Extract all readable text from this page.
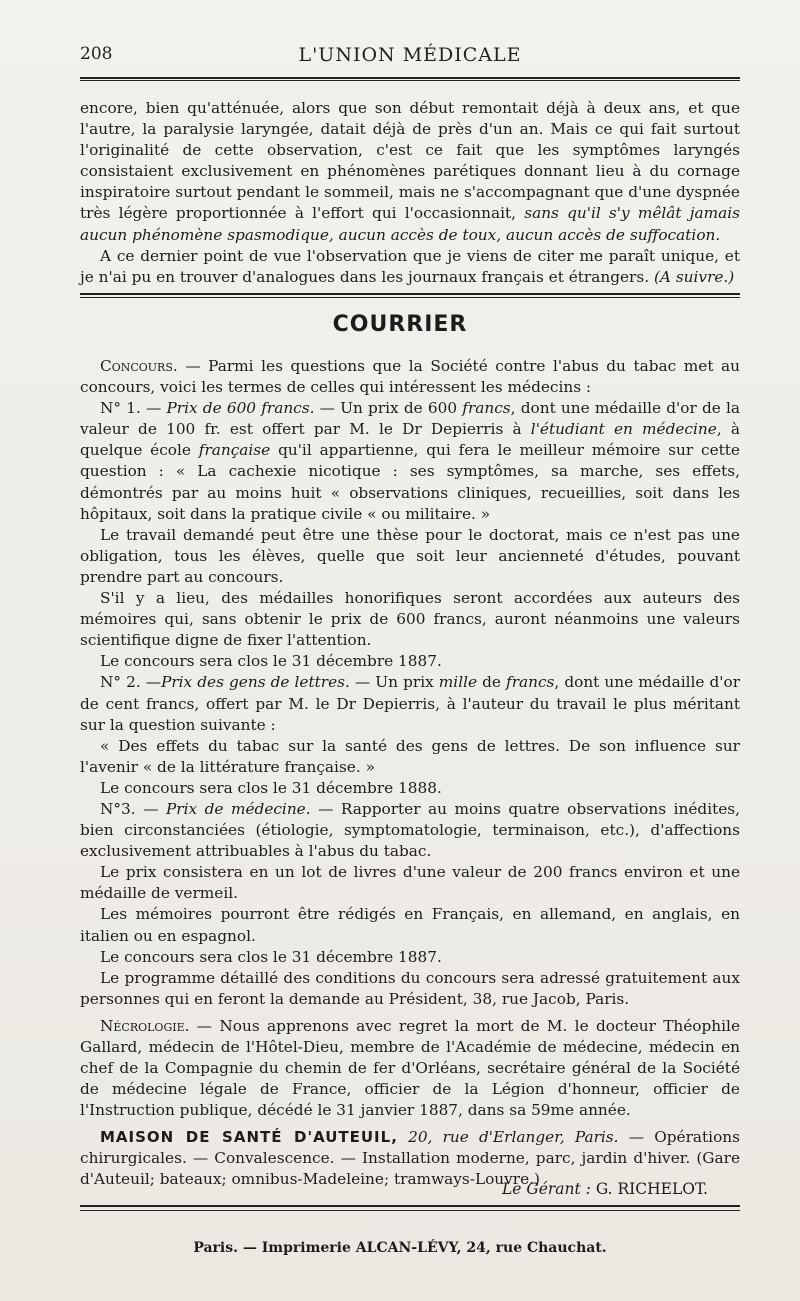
208	L'UNION MÉDICALE

encore, bien qu'atténuée, alors que son début remontait déjà à deux ans, et que l'autre, la paralysie laryngée, datait déjà de près d'un an. Mais ce qui fait surtout l'originalité de cette observation, c'est ce fait que les symptômes laryngés consistaient exclusivement en phénomènes parétiques donnant lieu à du cornage inspiratoire surtout pendant le sommeil, mais ne s'accompagnant que d'une dyspnée très légère proportionnée à l'effort qui l'occasionnait, sans qu'il s'y mêlât jamais aucun phénomène spasmodique, aucun accès de toux, aucun accès de suffocation.

A ce dernier point de vue l'observation que je viens de citer me paraît unique, et je n'ai pu en trouver d'analogues dans les journaux français et étrangers. (A suivre.)

COURRIER

Concours. — Parmi les questions que la Société contre l'abus du tabac met au concours, voici les termes de celles qui intéressent les médecins :

N° 1. — Prix de 600 francs. — Un prix de 600 francs, dont une médaille d'or de la valeur de 100 fr. est offert par M. le Dr Depierris à l'étudiant en médecine, à quelque école française qu'il appartienne, qui fera le meilleur mémoire sur cette question : « La cachexie nicotique : ses symptômes, sa marche, ses effets, démontrés par au moins huit « observations cliniques, recueillies, soit dans les hôpitaux, soit dans la pratique civile « ou militaire. »

Le travail demandé peut être une thèse pour le doctorat, mais ce n'est pas une obligation, tous les élèves, quelle que soit leur ancienneté d'études, pouvant prendre part au concours.

S'il y a lieu, des médailles honorifiques seront accordées aux auteurs des mémoires qui, sans obtenir le prix de 600 francs, auront néanmoins une valeurs scientifique digne de fixer l'attention.

Le concours sera clos le 31 décembre 1887.

N° 2. —Prix des gens de lettres. — Un prix mille de francs, dont une médaille d'or de cent francs, offert par M. le Dr Depierris, à l'auteur du travail le plus méritant sur la question suivante :

« Des effets du tabac sur la santé des gens de lettres. De son influence sur l'avenir « de la littérature française. »

Le concours sera clos le 31 décembre 1888.

N°3. — Prix de médecine. — Rapporter au moins quatre observations inédites, bien circonstanciées (étiologie, symptomatologie, terminaison, etc.), d'affections exclusivement attribuables à l'abus du tabac.

Le prix consistera en un lot de livres d'une valeur de 200 francs environ et une médaille de vermeil.

Les mémoires pourront être rédigés en Français, en allemand, en anglais, en italien ou en espagnol.

Le concours sera clos le 31 décembre 1887.

Le programme détaillé des conditions du concours sera adressé gratuitement aux personnes qui en feront la demande au Président, 38, rue Jacob, Paris.

Nécrologie. — Nous apprenons avec regret la mort de M. le docteur Théophile Gallard, médecin de l'Hôtel-Dieu, membre de l'Académie de médecine, médecin en chef de la Compagnie du chemin de fer d'Orléans, secrétaire général de la Société de médecine légale de France, officier de la Légion d'honneur, officier de l'Instruction publique, décédé le 31 janvier 1887, dans sa 59me année.

MAISON DE SANTÉ D'AUTEUIL, 20, rue d'Erlanger, Paris. — Opérations chirurgicales. — Convalescence. — Installation moderne, parc, jardin d'hiver. (Gare d'Auteuil; bateaux; omnibus-Madeleine; tramways-Louvre.)

Le Gérant : G. RICHELOT.
Paris. — Imprimerie ALCAN-LÉVY, 24, rue Chauchat.
